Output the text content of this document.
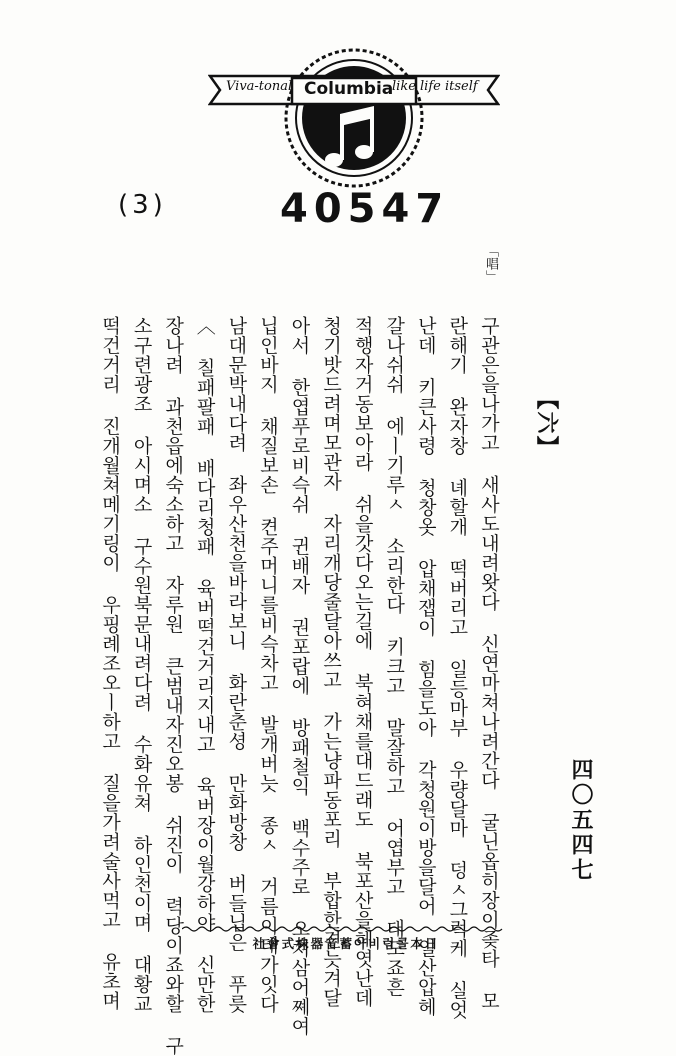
Viva-tonal Columbia
like life itself
(3)	40547
「唱」
【六】
구관은을나가고 새사도내려왓다 신연마쳐나려간다 굴닌옵히장이좆타 모
란해기 완자창 녜할개 떡버리고 일등마부 우량달마 덩ㅅ그럭케 실엇
난데 키큰사령 청창옷 압채잽이 힘을도아 각청원이방을달어 일산압헤
갈나쉬쉬 에ㅣ기루ㅅ 소리한다 키크고 말잘하고 어엽부고 태도죠흔
적행자거동보아라 쉬을갓다오는길에 북혀채를대드래도 북포산을헤엿난데
청기밧드려며모관자 자리개당줄달아쓰고 가는냥파동포리 부합한견늣겨달
아서 한엽푸로비슥쉬 귄배자 권포랍에 방패철익 백수주로 오쳐삼어쪠여
닙인바지 채질보손 켠주머니를비슥차고 발개버늣 종ㅅ 거름이태가잇다
남대문박내다려 좌우산천을바라보니 화란춘셩 만화방창 버들닙은 푸릇
〈 칠패팔패 배다리청패 육버떡건거리지내고 육버장이월강하야 신만한
장나려 과천읍에숙소하고 자루원 큰범내자진오봉 쉬진이 력당이죠와할 구
소구련광조 아시며소 구수원북문내려다려 수화유쳐 하인천이며 대황교
떡건거리 진개월쳐메기링이 우핑례조오ㅣ하고 질을가려술사먹고 유초며	四〇五四七
社會式株器音蓄아비럼콜本日
